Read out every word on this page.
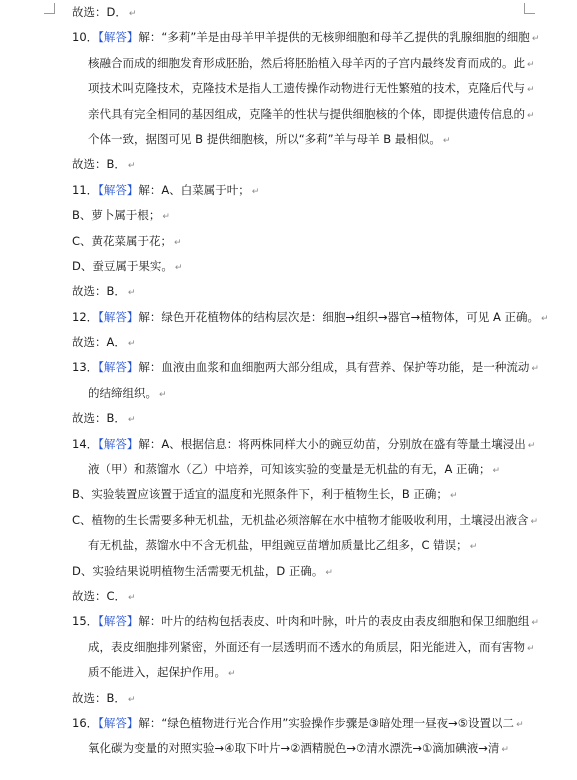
故选：D． ↵
10．【解答】解：“多莉”羊是由母羊甲羊提供的无核卵细胞和母羊乙提供的乳腺细胞的细胞 ↵
核融合而成的细胞发育形成胚胎，然后将胚胎植入母羊丙的子宫内最终发育而成的。此 ↵
项技术叫克隆技术，克隆技术是指人工遗传操作动物进行无性繁殖的技术，克隆后代与 ↵
亲代具有完全相同的基因组成，克隆羊的性状与提供细胞核的个体，即提供遗传信息的 ↵
个体一致，据图可见 B 提供细胞核，所以“多莉”羊与母羊 B 最相似。 ↵
故选：B． ↵
11．【解答】解：A、白菜属于叶； ↵
B、萝卜属于根； ↵
C、黄花菜属于花； ↵
D、蚕豆属于果实。 ↵
故选：B． ↵
12．【解答】解：绿色开花植物体的结构层次是：细胞→组织→器官→植物体，可见 A 正确。 ↵
故选：A． ↵
13．【解答】解：血液由血浆和血细胞两大部分组成，具有营养、保护等功能，是一种流动 ↵
的结缔组织。 ↵
故选：B． ↵
14．【解答】解：A、根据信息：将两株同样大小的豌豆幼苗，分别放在盛有等量土壤浸出 ↵
液（甲）和蒸馏水（乙）中培养，可知该实验的变量是无机盐的有无，A 正确； ↵
B、实验装置应该置于适宜的温度和光照条件下，利于植物生长，B 正确； ↵
C、植物的生长需要多种无机盐，无机盐必须溶解在水中植物才能吸收利用，土壤浸出液含 ↵
有无机盐，蒸馏水中不含无机盐，甲组豌豆苗增加质量比乙组多，C 错误； ↵
D、实验结果说明植物生活需要无机盐，D 正确。 ↵
故选：C． ↵
15．【解答】解：叶片的结构包括表皮、叶肉和叶脉，叶片的表皮由表皮细胞和保卫细胞组 ↵
成，表皮细胞排列紧密，外面还有一层透明而不透水的角质层，阳光能进入，而有害物 ↵
质不能进入，起保护作用。 ↵
故选：B． ↵
16．【解答】解：“绿色植物进行光合作用”实验操作步骤是③暗处理一昼夜→⑤设置以二 ↵
氧化碳为变量的对照实验→④取下叶片→②酒精脱色→⑦清水漂洗→①滴加碘液→清 ↵
